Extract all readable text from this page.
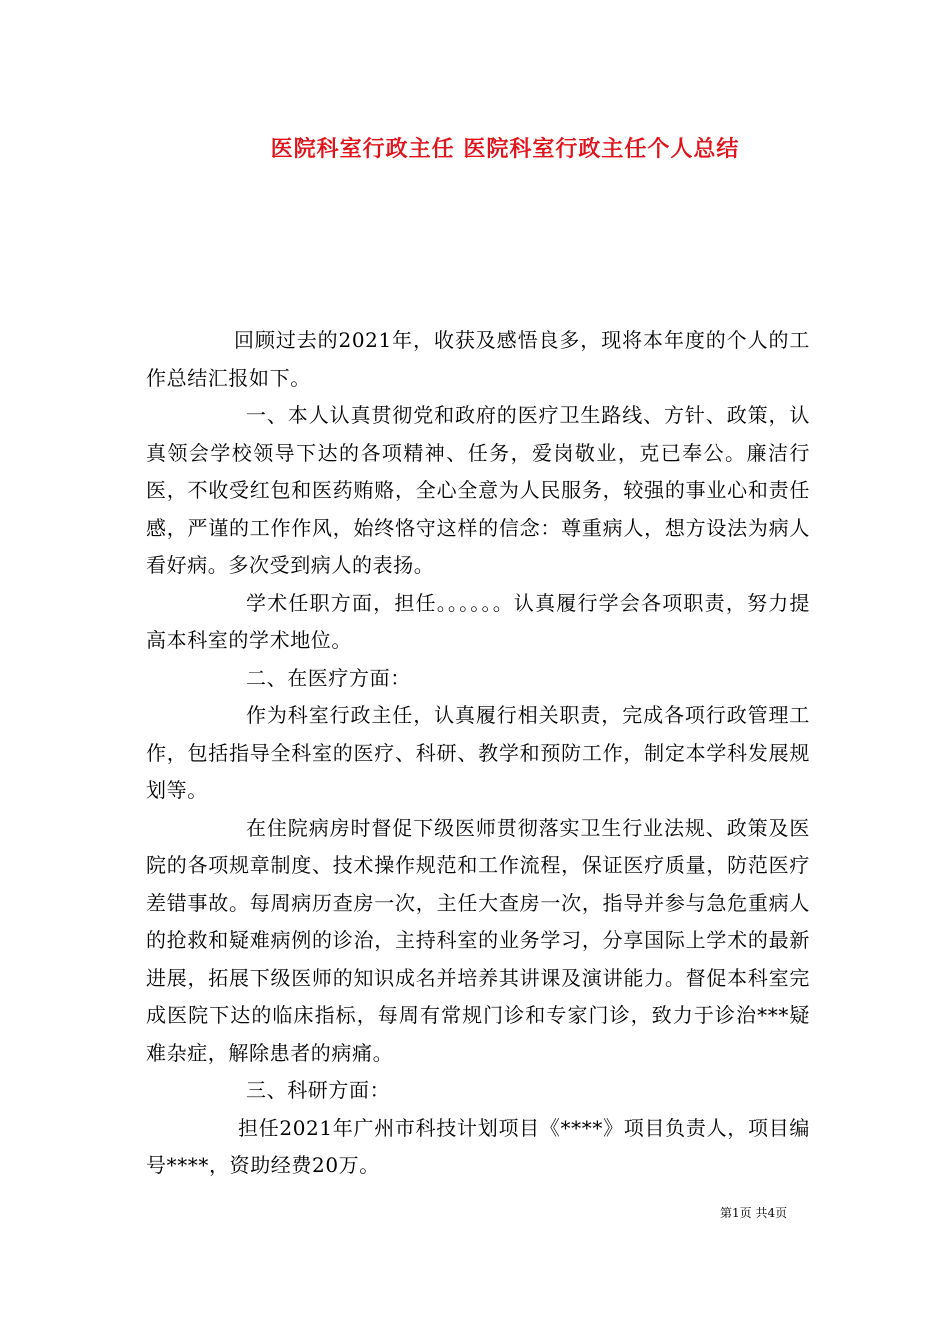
医院科室行政主任 医院科室行政主任个人总结

回顾过去的2021年，收获及感悟良多，现将本年度的个人的工作总结汇报如下。

一、本人认真贯彻党和政府的医疗卫生路线、方针、政策，认真领会学校领导下达的各项精神、任务，爱岗敬业，克已奉公。廉洁行医，不收受红包和医药贿赂，全心全意为人民服务，较强的事业心和责任感，严谨的工作作风，始终恪守这样的信念：尊重病人，想方设法为病人看好病。多次受到病人的表扬。

学术任职方面，担任。。。。。。认真履行学会各项职责，努力提高本科室的学术地位。

二、在医疗方面：

作为科室行政主任，认真履行相关职责，完成各项行政管理工作，包括指导全科室的医疗、科研、教学和预防工作，制定本学科发展规划等。

在住院病房时督促下级医师贯彻落实卫生行业法规、政策及医院的各项规章制度、技术操作规范和工作流程，保证医疗质量，防范医疗差错事故。每周病历查房一次，主任大查房一次，指导并参与急危重病人的抢救和疑难病例的诊治，主持科室的业务学习，分享国际上学术的最新进展，拓展下级医师的知识成名并培养其讲课及演讲能力。督促本科室完成医院下达的临床指标，每周有常规门诊和专家门诊，致力于诊治***疑难杂症，解除患者的病痛。

三、科研方面：

担任2021年广州市科技计划项目《****》项目负责人，项目编号****，资助经费20万。

第1页 共4页
